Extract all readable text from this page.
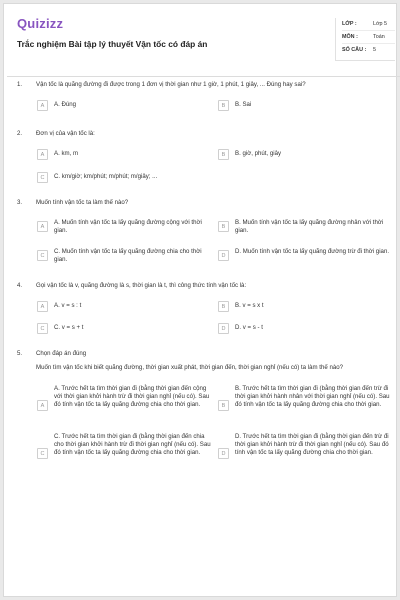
Quizizz
Trắc nghiệm Bài tập lý thuyết Vận tốc có đáp án
LỚP :	Lớp 5
MÔN :	Toán
SỐ CÂU :	5
1. Vận tốc là quãng đường đi được trong 1 đơn vị thời gian như 1 giờ, 1 phút, 1 giây, ... Đúng hay sai?
A	A. Đúng	B	B. Sai
2. Đơn vị của vận tốc là:
A	A. km, m	B	B. giờ, phút, giây
C	C. km/giờ; km/phút; m/phút; m/giây; ...
3. Muốn tính vận tốc ta làm thế nào?
A
A. Muốn tính vận tốc ta lấy quãng đường cộng với thời gian.	B
B. Muốn tính vận tốc ta lấy quãng đường nhân với thời gian.
C
C. Muốn tính vận tốc ta lấy quãng đường chia cho thời gian.	D
D. Muốn tính vận tốc ta lấy quãng đường trừ đi thời gian.
4. Gọi vận tốc là v, quãng đường là s, thời gian là t, thì công thức tính vận tốc là:
A	A. v = s : t	B	B. v = s x t
C	C. v = s + t	D	D. v = s - t
5. Chọn đáp án đúng
Muốn tìm vận tốc khi biết quãng đường, thời gian xuất phát, thời gian đến, thời gian nghỉ (nếu có) ta làm thế nào?
A
A. Trước hết ta tìm thời gian đi (bằng thời gian đến cộng với thời gian khởi hành trừ đi thời gian nghỉ (nếu có). Sau đó tính vận tốc ta lấy quãng đường chia cho thời gian.	B
B. Trước hết ta tìm thời gian đi (bằng thời gian đến trừ đi thời gian khởi hành nhân với thời gian nghỉ (nếu có). Sau đó tính vận tốc ta lấy quãng đường chia cho thời gian.
C
C. Trước hết ta tìm thời gian đi (bằng thời gian đến chia cho thời gian khởi hành trừ đi thời gian nghỉ (nếu có). Sau đó tính vận tốc ta lấy quãng đường chia cho thời gian.	D
D. Trước hết ta tìm thời gian đi (bằng thời gian đến trừ đi thời gian khởi hành trừ đi thời gian nghỉ (nếu có). Sau đó tính vận tốc ta lấy quãng đường chia cho thời gian.
